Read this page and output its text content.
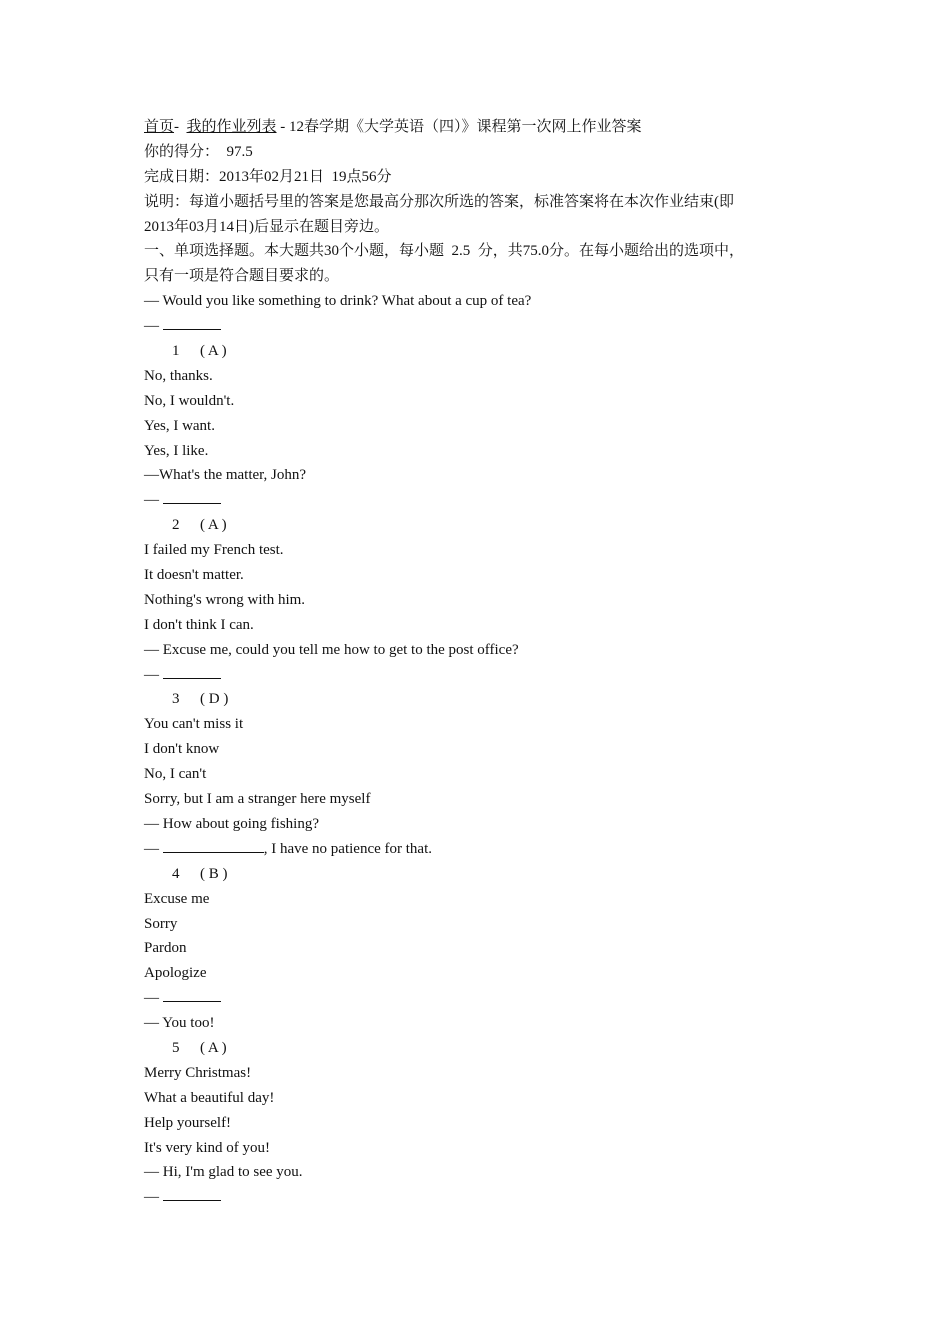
首页- 我的作业列表 - 12春学期《大学英语（四）》课程第一次网上作业答案
你的得分： 97.5
完成日期：2013年02月21日  19点56分
说明：每道小题括号里的答案是您最高分那次所选的答案，标准答案将在本次作业结束(即
2013年03月14日)后显示在题目旁边。
一、单项选择题。本大题共30个小题，每小题  2.5  分，共75.0分。在每小题给出的选项中，
只有一项是符合题目要求的。
— Would you like something to drink? What about a cup of tea?
—
1 ( A )
No, thanks.
No, I wouldn't.
Yes, I want.
Yes, I like.
—What's the matter, John?
—
2 ( A )
I failed my French test.
It doesn't matter.
Nothing's wrong with him.
I don't think I can.
— Excuse me, could you tell me how to get to the post office?
—
3 ( D )
You can't miss it
I don't know
No, I can't
Sorry, but I am a stranger here myself
— How about going fishing?
—	, I have no patience for that.
4 ( B )
Excuse me
Sorry
Pardon
Apologize
—
— You too!
5 ( A )
Merry Christmas!
What a beautiful day!
Help yourself!
It's very kind of you!
— Hi, I'm glad to see you.
—
